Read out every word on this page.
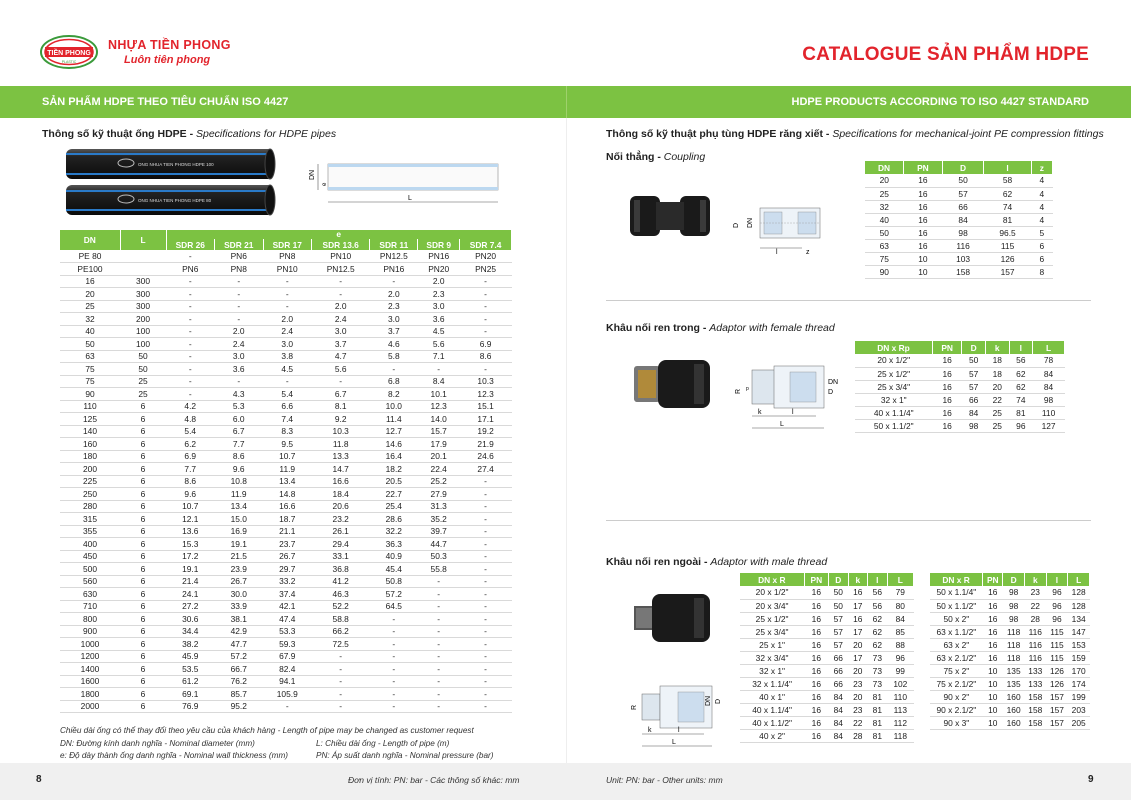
TIỀN PHONG
PLASTIC
NHỰA TIỀN PHONG
Luôn tiên phong	CATALOGUE SẢN PHẨM HDPE
SẢN PHẨM HDPE THEO TIÊU CHUẨN ISO 4427	HDPE PRODUCTS ACCORDING TO ISO 4427 STANDARD
Thông số kỹ thuật ống HDPE - Specifications for HDPE pipes
ONG NHUA TIEN PHONG HDPE 100
ONG NHUA TIEN PHONG HDPE 80
DN
e
L
DN	L	e						
		SDR 26	SDR 21	SDR 17	SDR 13.6	SDR 11	SDR 9	SDR 7.4
PE 80		-	PN6	PN8	PN10	PN12.5	PN16	PN20
PE100		PN6	PN8	PN10	PN12.5	PN16	PN20	PN25
16	300	-	-	-	-	-	2.0	-
20	300	-	-	-	-	2.0	2.3	-
25	300	-	-	-	2.0	2.3	3.0	-
32	200	-	-	2.0	2.4	3.0	3.6	-
40	100	-	2.0	2.4	3.0	3.7	4.5	-
50	100	-	2.4	3.0	3.7	4.6	5.6	6.9
63	50	-	3.0	3.8	4.7	5.8	7.1	8.6
75	50	-	3.6	4.5	5.6	-	-	-
75	25	-	-	-	-	6.8	8.4	10.3
90	25	-	4.3	5.4	6.7	8.2	10.1	12.3
110	6	4.2	5.3	6.6	8.1	10.0	12.3	15.1
125	6	4.8	6.0	7.4	9.2	11.4	14.0	17.1
140	6	5.4	6.7	8.3	10.3	12.7	15.7	19.2
160	6	6.2	7.7	9.5	11.8	14.6	17.9	21.9
180	6	6.9	8.6	10.7	13.3	16.4	20.1	24.6
200	6	7.7	9.6	11.9	14.7	18.2	22.4	27.4
225	6	8.6	10.8	13.4	16.6	20.5	25.2	-
250	6	9.6	11.9	14.8	18.4	22.7	27.9	-
280	6	10.7	13.4	16.6	20.6	25.4	31.3	-
315	6	12.1	15.0	18.7	23.2	28.6	35.2	-
355	6	13.6	16.9	21.1	26.1	32.2	39.7	-
400	6	15.3	19.1	23.7	29.4	36.3	44.7	-
450	6	17.2	21.5	26.7	33.1	40.9	50.3	-
500	6	19.1	23.9	29.7	36.8	45.4	55.8	-
560	6	21.4	26.7	33.2	41.2	50.8	-	-
630	6	24.1	30.0	37.4	46.3	57.2	-	-
710	6	27.2	33.9	42.1	52.2	64.5	-	-
800	6	30.6	38.1	47.4	58.8	-	-	-
900	6	34.4	42.9	53.3	66.2	-	-	-
1000	6	38.2	47.7	59.3	72.5	-	-	-
1200	6	45.9	57.2	67.9	-	-	-	-
1400	6	53.5	66.7	82.4	-	-	-	-
1600	6	61.2	76.2	94.1	-	-	-	-
1800	6	69.1	85.7	105.9	-	-	-	-
2000	6	76.9	95.2	-	-	-	-	-
Chiều dài ống có thể thay đổi theo yêu cầu của khách hàng - Length of pipe may be changed as customer request
DN: Đường kính danh nghĩa - Nominal diameter (mm)	L: Chiều dài ống - Length of pipe (m)
e: Độ dày thành ống danh nghĩa - Nominal wall thickness (mm)	PN: Áp suất danh nghĩa - Nominal pressure (bar)
Thông số kỹ thuật phụ tùng HDPE răng xiết - Specifications for mechanical-joint PE compression fittings
Nối thẳng - Coupling
D DN
l	z
DN	PN	D	l	z
20	16	50	58	4
25	16	57	62	4
32	16	66	74	4
40	16	84	81	4
50	16	98	96.5	5
63	16	116	115	6
75	10	103	126	6
90	10	158	157	8
Khâu nối ren trong - Adaptor with female thread
R p
DN
D
k	l
L
DN x Rp	PN	D	k	l	L
20 x 1/2"	16	50	18	56	78
25 x 1/2"	16	57	18	62	84
25 x 3/4"	16	57	20	62	84
32 x 1"	16	66	22	74	98
40 x 1.1/4"	16	84	25	81	110
50 x 1.1/2"	16	98	25	96	127
Khâu nối ren ngoài - Adaptor with male thread
R
DN D
k	l
L
DN x R	PN	D	k	l	L
20 x 1/2"	16	50	16	56	79
20 x 3/4"	16	50	17	56	80
25 x 1/2"	16	57	16	62	84
25 x 3/4"	16	57	17	62	85
25 x 1"	16	57	20	62	88
32 x 3/4"	16	66	17	73	96
32 x 1"	16	66	20	73	99
32 x 1.1/4"	16	66	23	73	102
40 x 1"	16	84	20	81	110
40 x 1.1/4"	16	84	23	81	113
40 x 1.1/2"	16	84	22	81	112
40 x 2"	16	84	28	81	118
DN x R	PN	D	k	l	L
50 x 1.1/4"	16	98	23	96	128
50 x 1.1/2"	16	98	22	96	128
50 x 2"	16	98	28	96	134
63 x 1.1/2"	16	118	116	115	147
63 x 2"	16	118	116	115	153
63 x 2.1/2"	16	118	116	115	159
75 x 2"	10	135	133	126	170
75 x 2.1/2"	10	135	133	126	174
90 x 2"	10	160	158	157	199
90 x 2.1/2"	10	160	158	157	203
90 x 3"	10	160	158	157	205
8	Đơn vị tính: PN: bar - Các thông số khác: mm	Unit: PN: bar - Other units: mm	9
